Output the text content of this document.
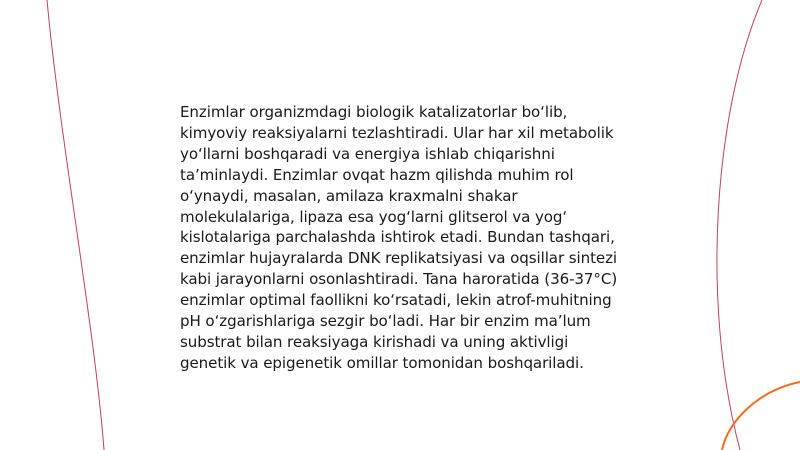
Enzimlar organizmdagi biologik katalizatorlar bo‘lib, kimyoviy reaksiyalarni tezlashtiradi. Ular har xil metabolik yo‘llarni boshqaradi va energiya ishlab chiqarishni ta’minlaydi. Enzimlar ovqat hazm qilishda muhim rol o‘ynaydi, masalan, amilaza kraxmalni shakar molekulalariga, lipaza esa yog‘larni glitserol va yog‘ kislotalariga parchalashda ishtirok etadi. Bundan tashqari, enzimlar hujayralarda DNK replikatsiyasi va oqsillar sintezi kabi jarayonlarni osonlashtiradi. Tana haroratida (36-37°C) enzimlar optimal faollikni ko‘rsatadi, lekin atrof-muhitning pH o‘zgarishlariga sezgir bo‘ladi. Har bir enzim ma’lum substrat bilan reaksiyaga kirishadi va uning aktivligi genetik va epigenetik omillar tomonidan boshqariladi.
